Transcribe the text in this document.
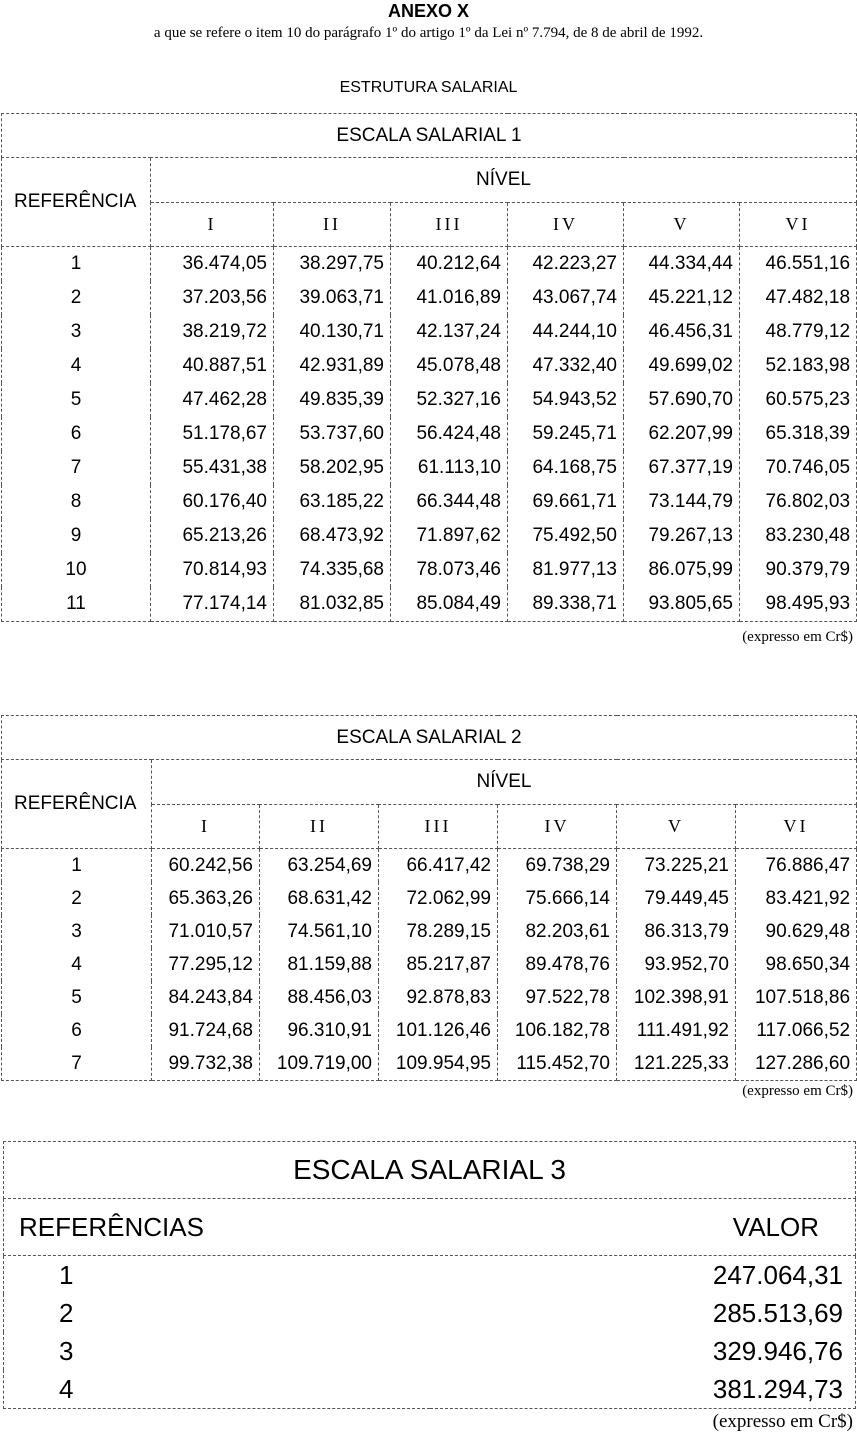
ANEXO X
a que se refere o item 10 do parágrafo 1º do artigo 1º da Lei nº 7.794, de 8 de abril de 1992.
ESTRUTURA SALARIAL
ESCALA SALARIAL 1						
REFERÊNCIA	NÍVEL					
	I	II	III	IV	V	VI
1	36.474,05	38.297,75	40.212,64	42.223,27	44.334,44	46.551,16
2	37.203,56	39.063,71	41.016,89	43.067,74	45.221,12	47.482,18
3	38.219,72	40.130,71	42.137,24	44.244,10	46.456,31	48.779,12
4	40.887,51	42.931,89	45.078,48	47.332,40	49.699,02	52.183,98
5	47.462,28	49.835,39	52.327,16	54.943,52	57.690,70	60.575,23
6	51.178,67	53.737,60	56.424,48	59.245,71	62.207,99	65.318,39
7	55.431,38	58.202,95	61.113,10	64.168,75	67.377,19	70.746,05
8	60.176,40	63.185,22	66.344,48	69.661,71	73.144,79	76.802,03
9	65.213,26	68.473,92	71.897,62	75.492,50	79.267,13	83.230,48
10	70.814,93	74.335,68	78.073,46	81.977,13	86.075,99	90.379,79
11	77.174,14	81.032,85	85.084,49	89.338,71	93.805,65	98.495,93
(expresso em Cr$)
ESCALA SALARIAL 2						
REFERÊNCIA	NÍVEL					
	I	II	III	IV	V	VI
1	60.242,56	63.254,69	66.417,42	69.738,29	73.225,21	76.886,47
2	65.363,26	68.631,42	72.062,99	75.666,14	79.449,45	83.421,92
3	71.010,57	74.561,10	78.289,15	82.203,61	86.313,79	90.629,48
4	77.295,12	81.159,88	85.217,87	89.478,76	93.952,70	98.650,34
5	84.243,84	88.456,03	92.878,83	97.522,78	102.398,91	107.518,86
6	91.724,68	96.310,91	101.126,46	106.182,78	111.491,92	117.066,52
7	99.732,38	109.719,00	109.954,95	115.452,70	121.225,33	127.286,60
(expresso em Cr$)
ESCALA SALARIAL 3	
REFERÊNCIAS	VALOR
1	247.064,31
2	285.513,69
3	329.946,76
4	381.294,73
(expresso em Cr$)
